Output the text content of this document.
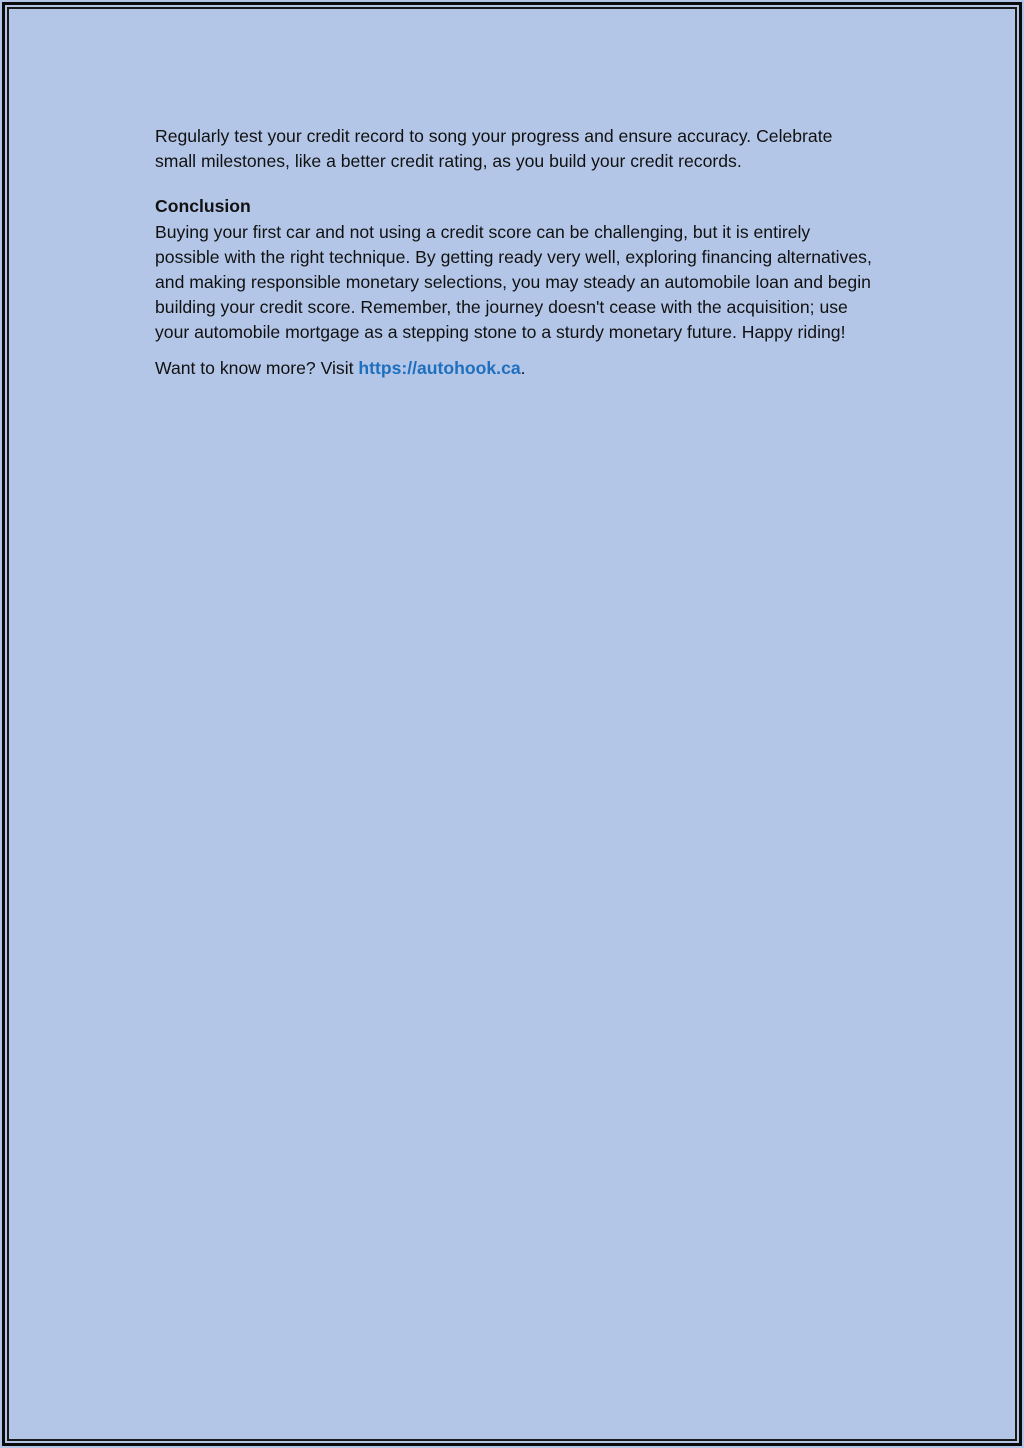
Regularly test your credit record to song your progress and ensure accuracy. Celebrate small milestones, like a better credit rating, as you build your credit records.

Conclusion

Buying your first car and not using a credit score can be challenging, but it is entirely possible with the right technique. By getting ready very well, exploring financing alternatives, and making responsible monetary selections, you may steady an automobile loan and begin building your credit score. Remember, the journey doesn't cease with the acquisition; use your automobile mortgage as a stepping stone to a sturdy monetary future. Happy riding!

Want to know more? Visit https://autohook.ca.
